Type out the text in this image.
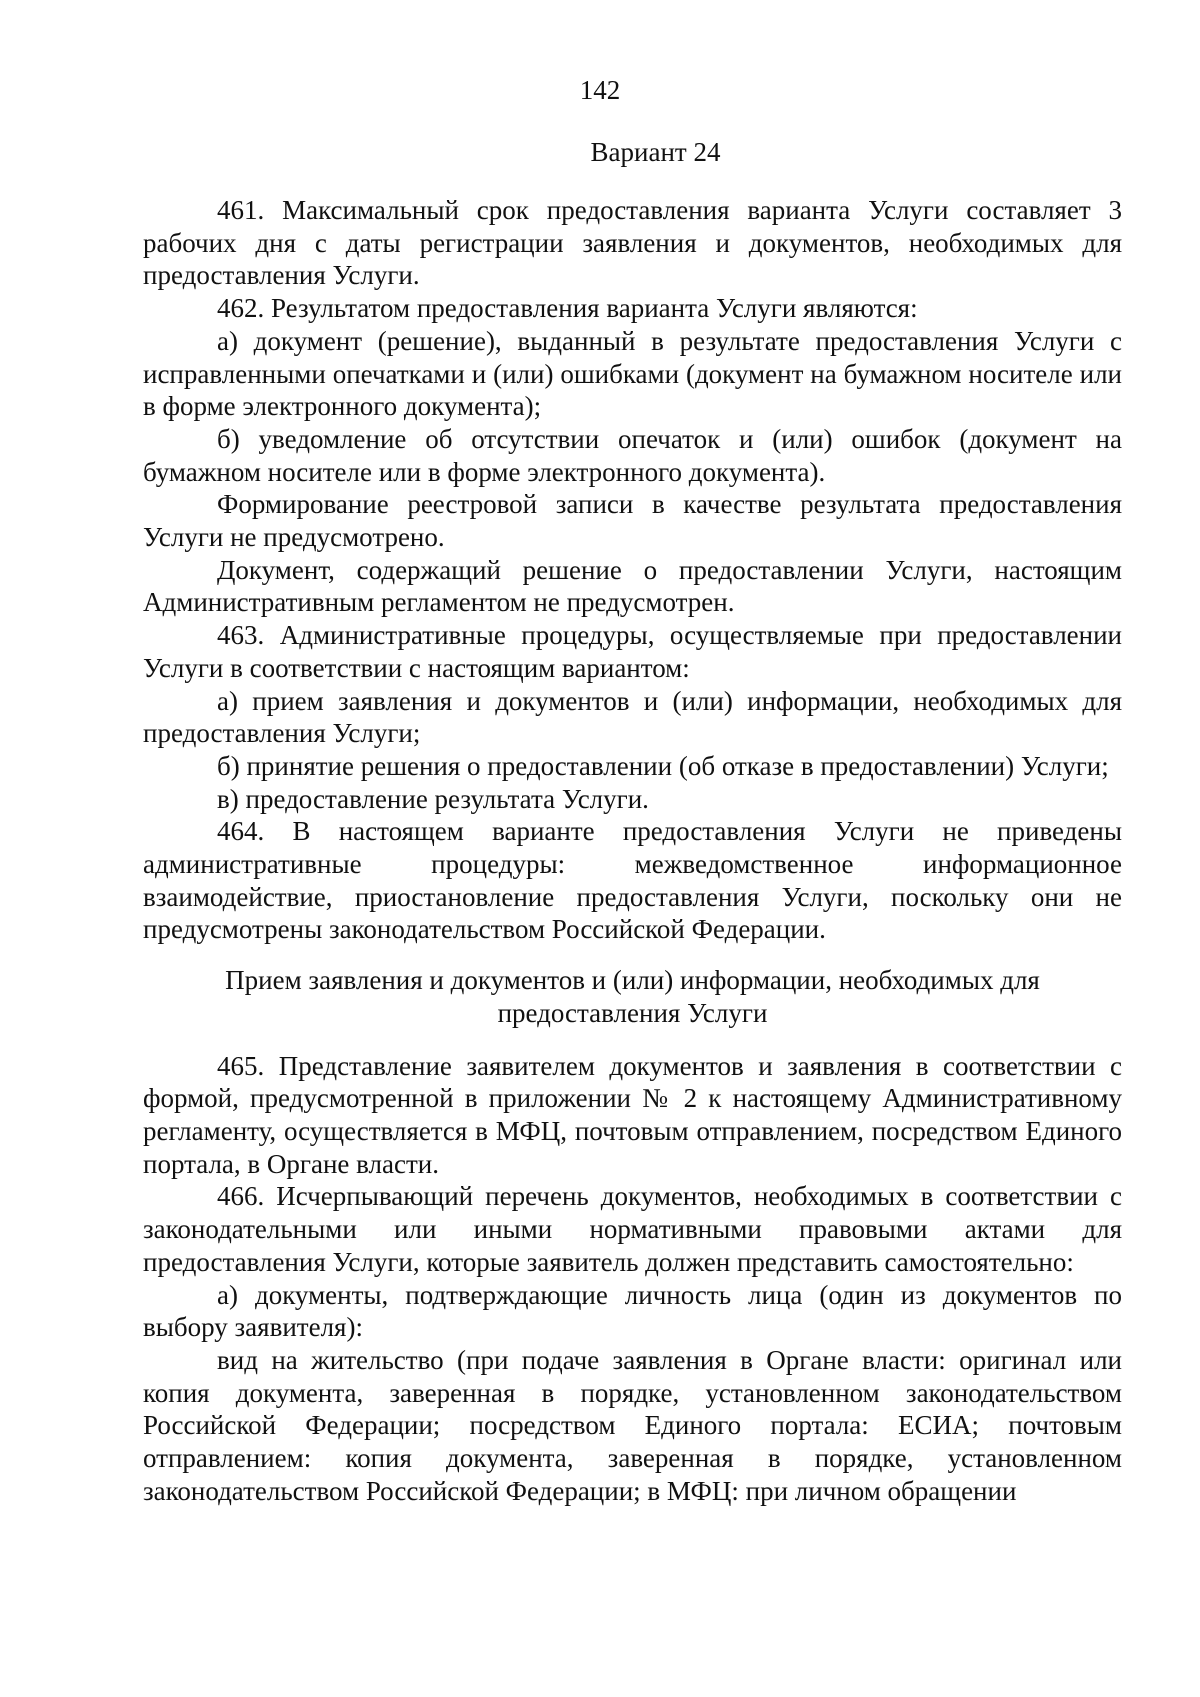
142
Вариант 24

461. Максимальный срок предоставления варианта Услуги составляет 3 рабочих дня с даты регистрации заявления и документов, необходимых для предоставления Услуги.

462. Результатом предоставления варианта Услуги являются:

а) документ (решение), выданный в результате предоставления Услуги с исправленными опечатками и (или) ошибками (документ на бумажном носителе или в форме электронного документа);

б) уведомление об отсутствии опечаток и (или) ошибок (документ на бумажном носителе или в форме электронного документа).

Формирование реестровой записи в качестве результата предоставления Услуги не предусмотрено.

Документ, содержащий решение о предоставлении Услуги, настоящим Административным регламентом не предусмотрен.

463. Административные процедуры, осуществляемые при предоставлении Услуги в соответствии с настоящим вариантом:

а) прием заявления и документов и (или) информации, необходимых для предоставления Услуги;

б) принятие решения о предоставлении (об отказе в предоставлении) Услуги;

в) предоставление результата Услуги.

464. В настоящем варианте предоставления Услуги не приведены административные процедуры: межведомственное информационное взаимодействие, приостановление предоставления Услуги, поскольку они не предусмотрены законодательством Российской Федерации.

Прием заявления и документов и (или) информации, необходимых для
предоставления Услуги

465. Представление заявителем документов и заявления в соответствии с формой, предусмотренной в приложении № 2 к настоящему Административному регламенту, осуществляется в МФЦ, почтовым отправлением, посредством Единого портала, в Органе власти.

466. Исчерпывающий перечень документов, необходимых в соответствии с законодательными или иными нормативными правовыми актами для предоставления Услуги, которые заявитель должен представить самостоятельно:

а) документы, подтверждающие личность лица (один из документов по выбору заявителя):

вид на жительство (при подаче заявления в Органе власти: оригинал или копия документа, заверенная в порядке, установленном законодательством Российской Федерации; посредством Единого портала: ЕСИА; почтовым отправлением: копия документа, заверенная в порядке, установленном законодательством Российской Федерации; в МФЦ: при личном обращении
